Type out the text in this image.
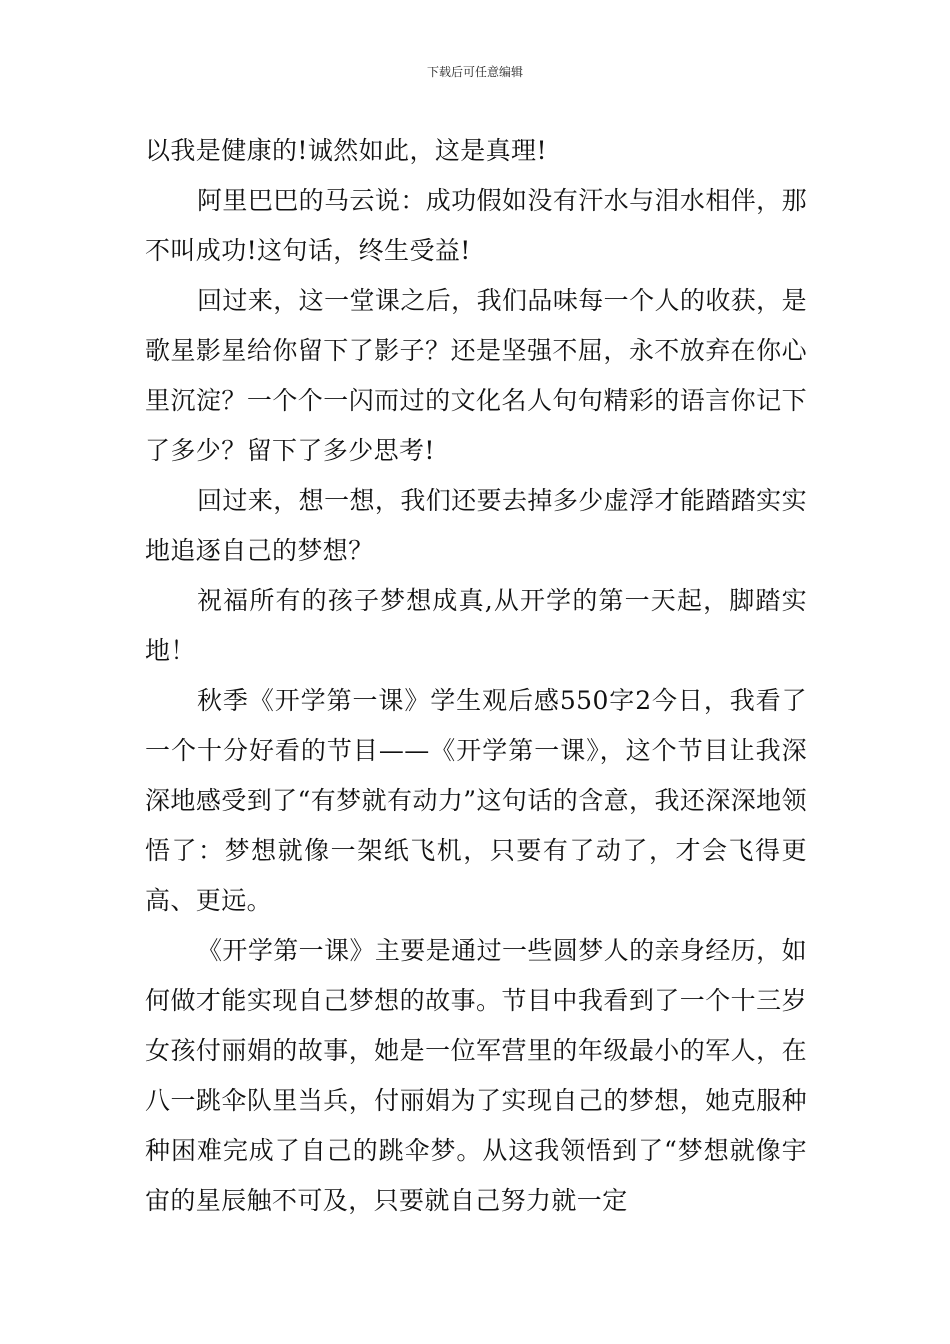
下载后可任意编辑

以我是健康的!诚然如此，这是真理!

阿里巴巴的马云说：成功假如没有汗水与泪水相伴，那不叫成功!这句话，终生受益!

回过来，这一堂课之后，我们品味每一个人的收获，是歌星影星给你留下了影子？还是坚强不屈，永不放弃在你心里沉淀？一个个一闪而过的文化名人句句精彩的语言你记下了多少？留下了多少思考!

回过来，想一想，我们还要去掉多少虚浮才能踏踏实实地追逐自己的梦想？

祝福所有的孩子梦想成真,从开学的第一天起，脚踏实地！

秋季《开学第一课》学生观后感550字2今日，我看了一个十分好看的节目——《开学第一课》，这个节目让我深深地感受到了“有梦就有动力”这句话的含意，我还深深地领悟了：梦想就像一架纸飞机，只要有了动了，才会飞得更高、更远。

《开学第一课》主要是通过一些圆梦人的亲身经历，如何做才能实现自己梦想的故事。节目中我看到了一个十三岁女孩付丽娟的故事，她是一位军营里的年级最小的军人，在八一跳伞队里当兵，付丽娟为了实现自己的梦想，她克服种种困难完成了自己的跳伞梦。从这我领悟到了“梦想就像宇宙的星辰触不可及，只要就自己努力就一定
